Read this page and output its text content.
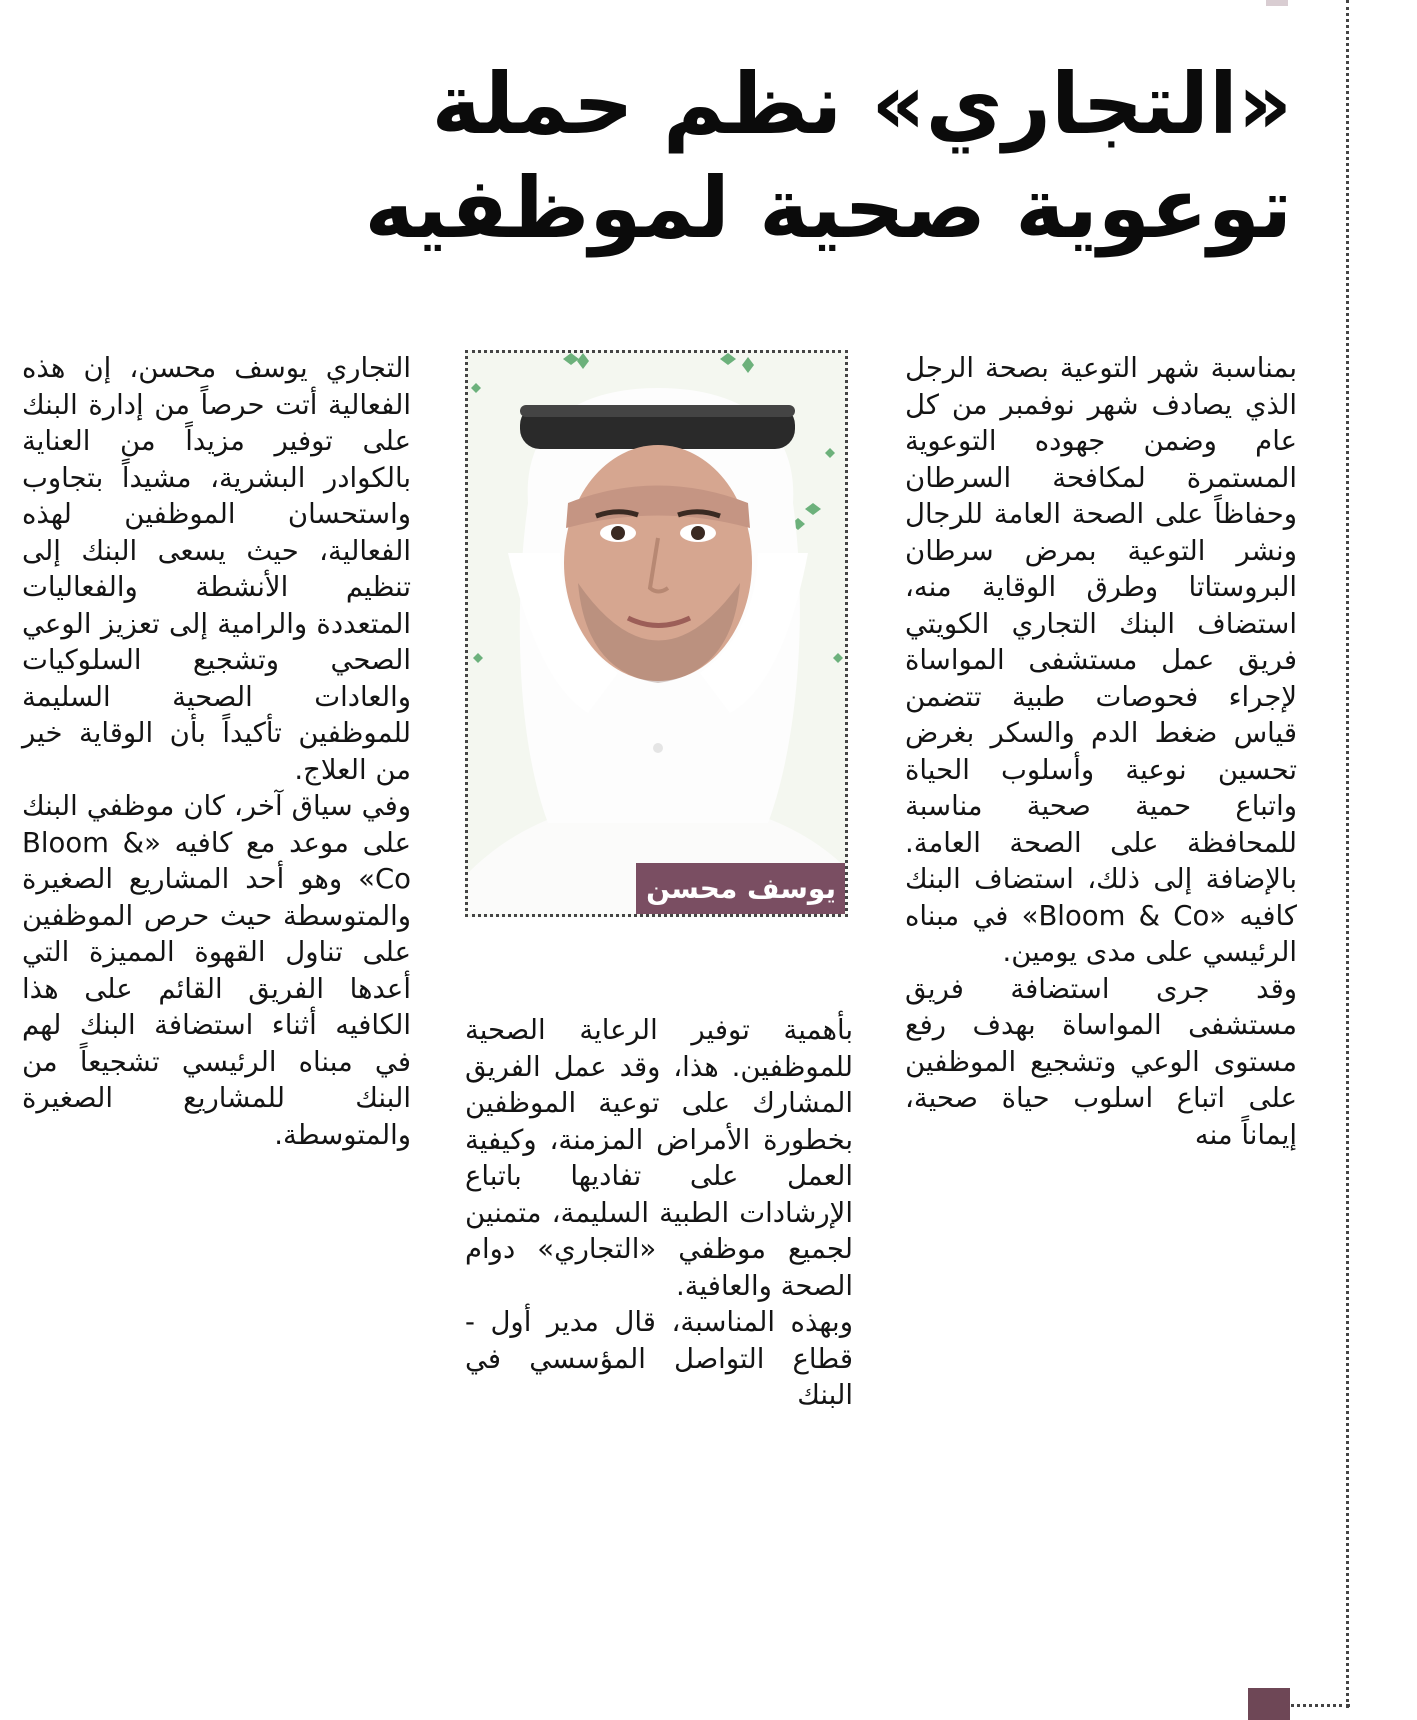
«التجاري» نظم حملة
توعوية صحية لموظفيه

بمناسبة شهر التوعية بصحة الرجل الذي يصادف شهر نوفمبر من كل عام وضمن جهوده التوعوية المستمرة لمكافحة السرطان وحفاظاً على الصحة العامة للرجال ونشر التوعية بمرض سرطان البروستاتا وطرق الوقاية منه، استضاف البنك التجاري الكويتي فريق عمل مستشفى المواساة لإجراء فحوصات طبية تتضمن قياس ضغط الدم والسكر بغرض تحسين نوعية وأسلوب الحياة واتباع حمية صحية مناسبة للمحافظة على الصحة العامة. بالإضافة إلى ذلك، استضاف البنك كافيه «Bloom & Co» في مبناه الرئيسي على مدى يومين.

وقد جرى استضافة فريق مستشفى المواساة بهدف رفع مستوى الوعي وتشجيع الموظفين على اتباع اسلوب حياة صحية، إيماناً منه

يوسف محسن

بأهمية توفير الرعاية الصحية للموظفين. هذا، وقد عمل الفريق المشارك على توعية الموظفين بخطورة الأمراض المزمنة، وكيفية العمل على تفاديها باتباع الإرشادات الطبية السليمة، متمنين لجميع موظفي «التجاري» دوام الصحة والعافية.

وبهذه المناسبة، قال مدير أول - قطاع التواصل المؤسسي في البنك

التجاري يوسف محسن، إن هذه الفعالية أتت حرصاً من إدارة البنك على توفير مزيداً من العناية بالكوادر البشرية، مشيداً بتجاوب واستحسان الموظفين لهذه الفعالية، حيث يسعى البنك إلى تنظيم الأنشطة والفعاليات المتعددة والرامية إلى تعزيز الوعي الصحي وتشجيع السلوكيات والعادات الصحية السليمة للموظفين تأكيداً بأن الوقاية خير من العلاج.

وفي سياق آخر، كان موظفي البنك على موعد مع كافيه «Bloom & Co» وهو أحد المشاريع الصغيرة والمتوسطة حيث حرص الموظفين على تناول القهوة المميزة التي أعدها الفريق القائم على هذا الكافيه أثناء استضافة البنك لهم في مبناه الرئيسي تشجيعاً من البنك للمشاريع الصغيرة والمتوسطة.
